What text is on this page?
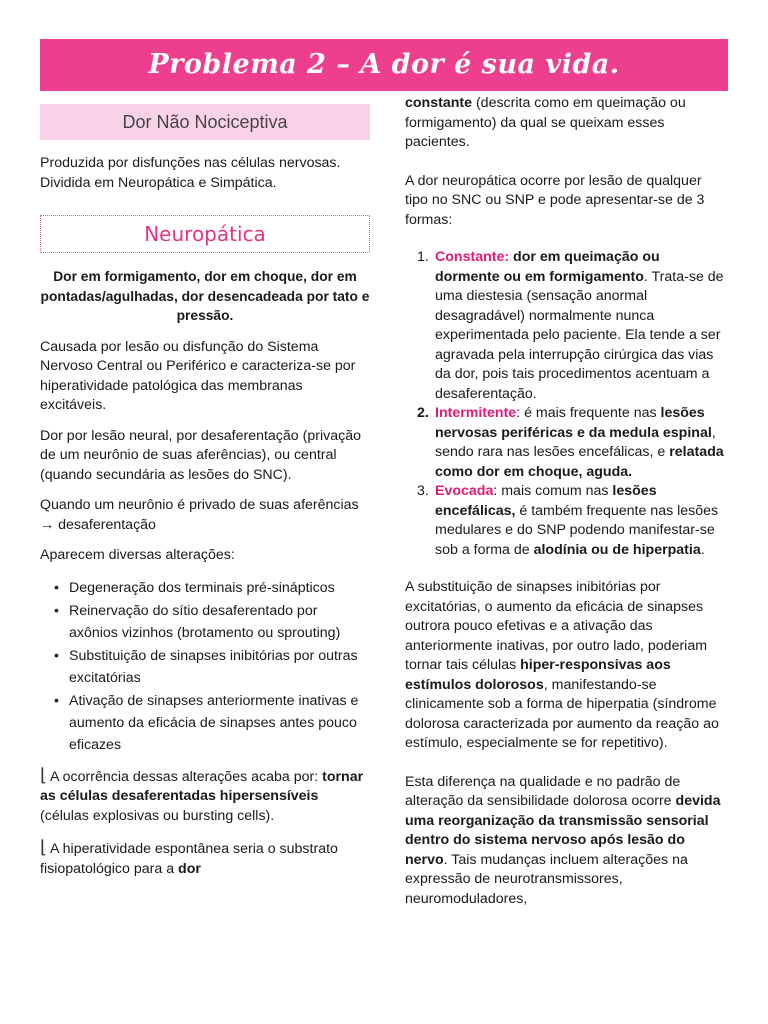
Problema 2 – A dor é sua vida.
Dor Não Nociceptiva

Produzida por disfunções nas células nervosas. Dividida em Neuropática e Simpática.

Neuropática

Dor em formigamento, dor em choque, dor em pontadas/agulhadas, dor desencadeada por tato e pressão.

Causada por lesão ou disfunção do Sistema Nervoso Central ou Periférico e caracteriza-se por hiperatividade patológica das membranas excitáveis.

Dor por lesão neural, por desaferentação (privação de um neurônio de suas aferências), ou central (quando secundária as lesões do SNC).

Quando um neurônio é privado de suas aferências → desaferentação

Aparecem diversas alterações:

• Degeneração dos terminais pré-sinápticos
• Reinervação do sítio desaferentado por axônios vizinhos (brotamento ou sprouting)
• Substituição de sinapses inibitórias por outras excitatórias
• Ativação de sinapses anteriormente inativas e aumento da eficácia de sinapses antes pouco eficazes

⌊ A ocorrência dessas alterações acaba por: tornar as células desaferentadas hipersensíveis (células explosivas ou bursting cells).

⌊ A hiperatividade espontânea seria o substrato fisiopatológico para a dor

constante (descrita como em queimação ou formigamento) da qual se queixam esses pacientes.

A dor neuropática ocorre por lesão de qualquer tipo no SNC ou SNP e pode apresentar-se de 3 formas:

1. Constante: dor em queimação ou dormente ou em formigamento. Trata-se de uma diestesia (sensação anormal desagradável) normalmente nunca experimentada pelo paciente. Ela tende a ser agravada pela interrupção cirúrgica das vias da dor, pois tais procedimentos acentuam a desaferentação.
2. Intermitente: é mais frequente nas lesões nervosas periféricas e da medula espinal, sendo rara nas lesões encefálicas, e relatada como dor em choque, aguda.
3. Evocada: mais comum nas lesões encefálicas, é também frequente nas lesões medulares e do SNP podendo manifestar-se sob a forma de alodínia ou de hiperpatia.

A substituição de sinapses inibitórias por excitatórias, o aumento da eficácia de sinapses outrora pouco efetivas e a ativação das anteriormente inativas, por outro lado, poderiam tornar tais células hiper-responsivas aos estímulos dolorosos, manifestando-se clinicamente sob a forma de hiperpatia (síndrome dolorosa caracterizada por aumento da reação ao estímulo, especialmente se for repetitivo).

Esta diferença na qualidade e no padrão de alteração da sensibilidade dolorosa ocorre devida uma reorganização da transmissão sensorial dentro do sistema nervoso após lesão do nervo. Tais mudanças incluem alterações na expressão de neurotransmissores, neuromoduladores,
